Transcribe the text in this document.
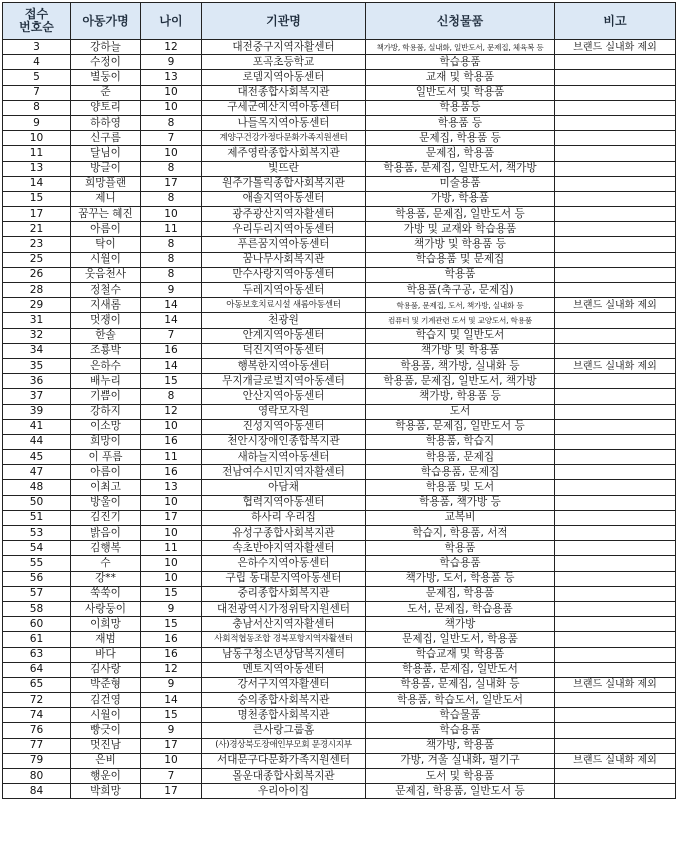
접수
번호순	아동가명	나이	기관명	신청물품	비고
3	강하늘	12	대전중구지역자활센터	책가방, 학용품, 실내화, 일반도서, 문제집, 체육복 등	브랜드 실내화 제외
4	수정이	9	포곡초등학교	학습용품	
5	별둥이	13	로뎀지역아동센터	교재 및 학용품	
7	준	10	대전종합사회복지관	일반도서 및 학용품	
8	양토리	10	구세군예산지역아동센터	학용품등	
9	하하영	8	나들목지역아동센터	학용품 등	
10	신구름	7	계양구건강가정다문화가족지원센터	문제집, 학용품 등	
11	달님이	10	제주영락종합사회복지관	문제집, 학용품	
13	방글이	8	빛뜨란	학용품, 문제집, 일반도서, 책가방	
14	희망플랜	17	원주가톨릭종합사회복지관	미술용품	
15	제니	8	애솔지역아동센터	가방, 학용품	
17	꿈꾸는 혜진	10	광주광산지역자활센터	학용품, 문제집, 일반도서 등	
21	아름이	11	우리두리지역아동센터	가방 및 교재와 학습용품	
23	탁이	8	푸른꿈지역아동센터	책가방 및 학용품 등	
25	시월이	8	꿈나무사회복지관	학습용품 및 문제집	
26	웃음천사	8	만수사랑지역아동센터	학용품	
28	정철수	9	두레지역아동센터	학용품(축구공, 문제집)	
29	지새롬	14	아동보호치료시설 새롬아동센터	학용품, 문제집, 도서, 책가방, 실내화 등	브랜드 실내화 제외
31	멋쟁이	14	천광원	컴퓨터 및 기계관련 도서 및 교양도서, 학용품	
32	한솔	7	안계지역아동센터	학습지 및 일반도서	
34	조룡박	16	덕진지역아동센터	책가방 및 학용품	
35	은하수	14	행복한지역아동센터	학용품, 책가방, 실내화 등	브랜드 실내화 제외
36	배누리	15	무지개글로벌지역아동센터	학용품, 문제집, 일반도서, 책가방	
37	기쁨이	8	안산지역아동센터	책가방, 학용품 등	
39	강하지	12	영락모자원	도서	
41	이소망	10	진성지역아동센터	학용품, 문제집, 일반도서 등	
44	희망이	16	천안시장애인종합복지관	학용품, 학습지	
45	이 푸름	11	새하늘지역아동센터	학용품, 문제집	
47	아름이	16	전남여수시민지역자활센터	학습용품, 문제집	
48	이최고	13	아담채	학용품 및 도서	
50	방울이	10	협력지역아동센터	학용품, 책가방 등	
51	김진기	17	하사리 우리집	교복비	
53	밝음이	10	유성구종합사회복지관	학습지, 학용품, 서적	
54	김행복	11	속초반야지역자활센터	학용품	
55	수	10	은하수지역아동센터	학습용품	
56	강**	10	구립 동대문지역아동센터	책가방, 도서, 학용품 등	
57	쑥쑥이	15	중리종합사회복지관	문제집, 학용품	
58	사랑둥이	9	대전광역시가정위탁지원센터	도서, 문제집, 학습용품	
60	이희망	15	충남서산지역자활센터	책가방	
61	재범	16	사회적협동조합 경북포항지역자활센터	문제집, 일반도서, 학용품	
63	바다	16	남동구청소년상담복지센터	학습교재 및 학용품	
64	김사랑	12	멘토지역아동센터	학용품, 문제집, 일반도서	
65	박준형	9	강서구지역자활센터	학용품, 문제집, 실내화 등	브랜드 실내화 제외
72	김건영	14	숭의종합사회복지관	학용품, 학습도서, 일반도서	
74	시월이	15	명천종합사회복지관	학습물품	
76	빵긋이	9	큰사랑그룹홈	학습용품	
77	멋진남	17	(사)경상북도장애인부모회 문경시지부	책가방, 학용품	
79	은비	10	서대문구다문화가족지원센터	가방, 겨울 실내화, 필기구	브랜드 실내화 제외
80	행운이	7	몰운대종합사회복지관	도서 및 학용품	
84	박희망	17	우리아이집	문제집, 학용품, 일반도서 등	
